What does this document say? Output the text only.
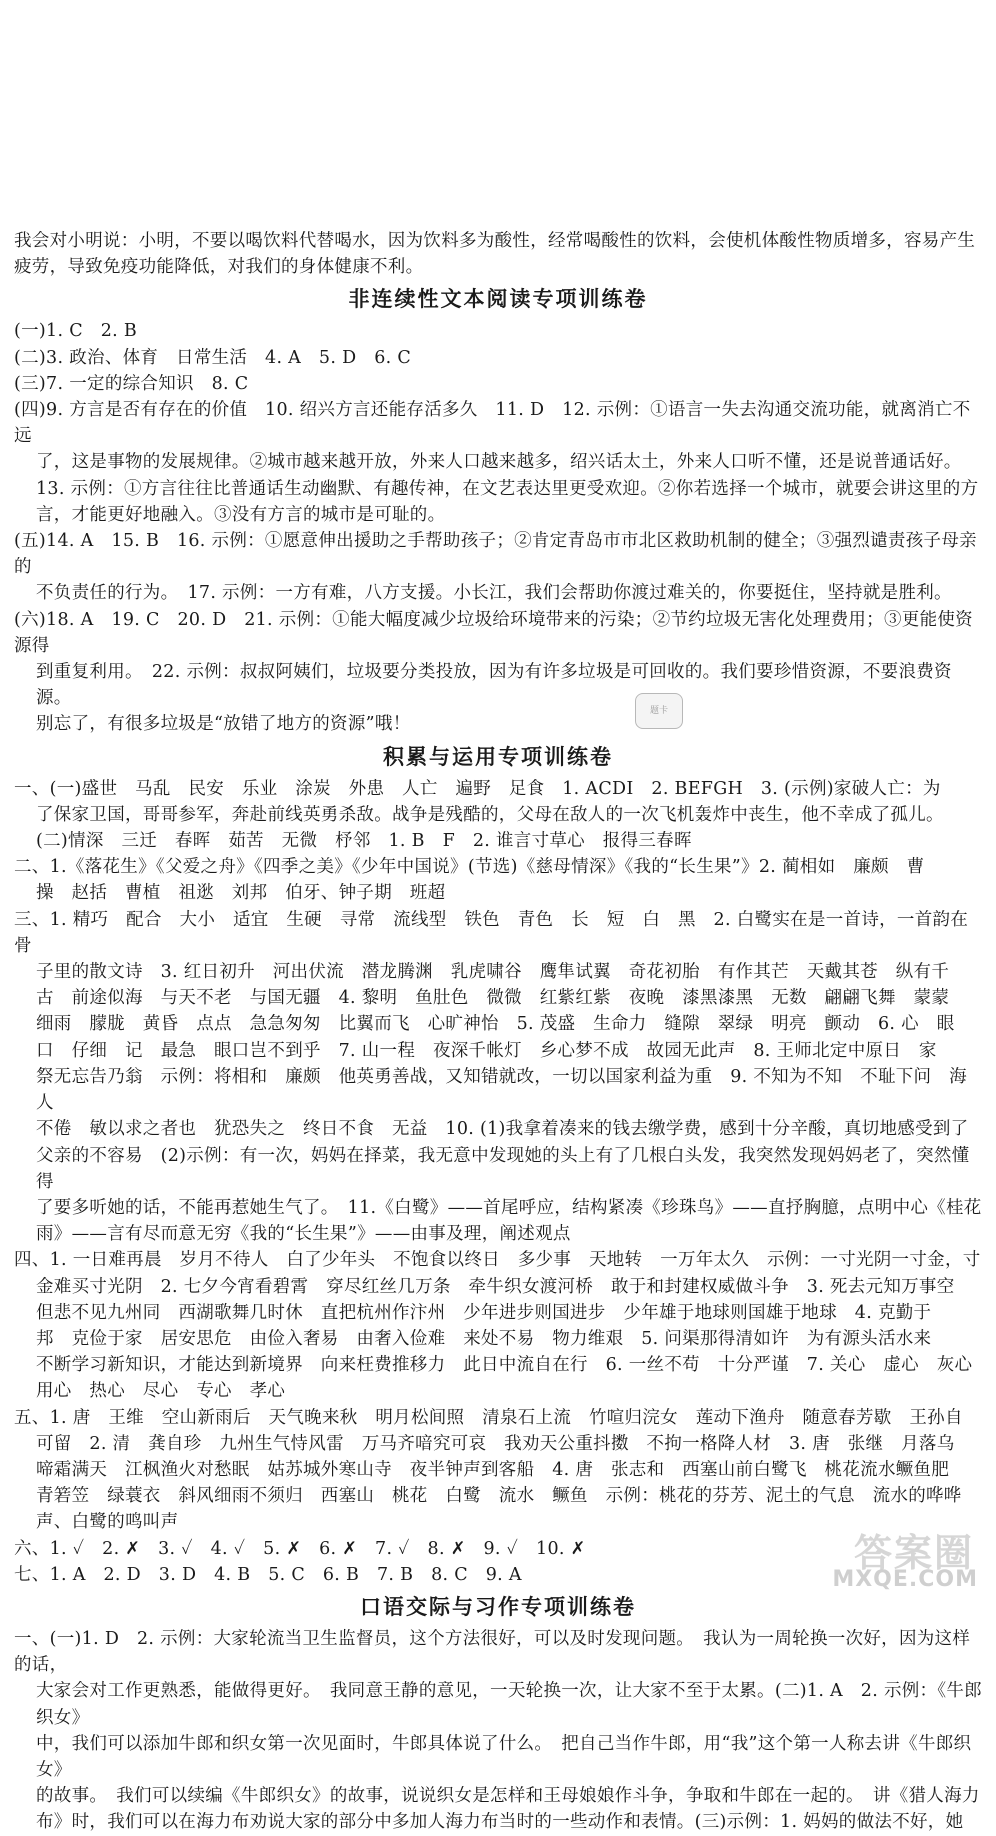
我会对小明说：小明，不要以喝饮料代替喝水，因为饮料多为酸性，经常喝酸性的饮料，会使机体酸性物质增多，容易产生

疲劳，导致免疫功能降低，对我们的身体健康不利。

非连续性文本阅读专项训练卷

(一)1. C　2. B

(二)3. 政治、体育　日常生活　4. A　5. D　6. C

(三)7. 一定的综合知识　8. C

(四)9. 方言是否有存在的价值　10. 绍兴方言还能存活多久　11. D　12. 示例：①语言一失去沟通交流功能，就离消亡不远

了，这是事物的发展规律。②城市越来越开放，外来人口越来越多，绍兴话太土，外来人口听不懂，还是说普通话好。

13. 示例：①方言往往比普通话生动幽默、有趣传神，在文艺表达里更受欢迎。②你若选择一个城市，就要会讲这里的方

言，才能更好地融入。③没有方言的城市是可耻的。

(五)14. A　15. B　16. 示例：①愿意伸出援助之手帮助孩子；②肯定青岛市市北区救助机制的健全；③强烈谴责孩子母亲的

不负责任的行为。　17. 示例：一方有难，八方支援。小长江，我们会帮助你渡过难关的，你要挺住，坚持就是胜利。

(六)18. A　19. C　20. D　21. 示例：①能大幅度减少垃圾给环境带来的污染；②节约垃圾无害化处理费用；③更能使资源得

到重复利用。　22. 示例：叔叔阿姨们，垃圾要分类投放，因为有许多垃圾是可回收的。我们要珍惜资源，不要浪费资源。

别忘了，有很多垃圾是“放错了地方的资源”哦！

积累与运用专项训练卷

一、(一)盛世　马乱　民安　乐业　涂炭　外患　人亡　遍野　足食　1. ACDI　2. BEFGH　3. (示例)家破人亡：为

了保家卫国，哥哥参军，奔赴前线英勇杀敌。战争是残酷的，父母在敌人的一次飞机轰炸中丧生，他不幸成了孤儿。

(二)情深　三迁　春晖　茹苦　无微　杼邻　1. B　F　2. 谁言寸草心　报得三春晖

二、1.《落花生》《父爱之舟》《四季之美》《少年中国说》(节选)《慈母情深》《我的“长生果”》2. 蔺相如　廉颇　曹

操　赵括　曹植　祖逖　刘邦　伯牙、钟子期　班超

三、1. 精巧　配合　大小　适宜　生硬　寻常　流线型　铁色　青色　长　短　白　黑　2. 白鹭实在是一首诗，一首韵在骨

子里的散文诗　3. 红日初升　河出伏流　潜龙腾渊　乳虎啸谷　鹰隼试翼　奇花初胎　有作其芒　天戴其苍　纵有千

古　前途似海　与天不老　与国无疆　4. 黎明　鱼肚色　微微　红紫红紫　夜晚　漆黑漆黑　无数　翩翩飞舞　蒙蒙

细雨　朦胧　黄昏　点点　急急匆匆　比翼而飞　心旷神怡　5. 茂盛　生命力　缝隙　翠绿　明亮　颤动　6. 心　眼

口　仔细　记　最急　眼口岂不到乎　7. 山一程　夜深千帐灯　乡心梦不成　故园无此声　8. 王师北定中原日　家

祭无忘告乃翁　示例：将相和　廉颇　他英勇善战，又知错就改，一切以国家利益为重　9. 不知为不知　不耻下问　海人

不倦　敏以求之者也　犹恐失之　终日不食　无益　10. (1)我拿着凑来的钱去缴学费，感到十分辛酸，真切地感受到了

父亲的不容易　(2)示例：有一次，妈妈在择菜，我无意中发现她的头上有了几根白头发，我突然发现妈妈老了，突然懂得

了要多听她的话，不能再惹她生气了。　11.《白鹭》——首尾呼应，结构紧凑《珍珠鸟》——直抒胸臆，点明中心《桂花

雨》——言有尽而意无穷《我的“长生果”》——由事及理，阐述观点

四、1. 一日难再晨　岁月不待人　白了少年头　不饱食以终日　多少事　天地转　一万年太久　示例：一寸光阴一寸金，寸

金难买寸光阴　2. 七夕今宵看碧霄　穿尽红丝几万条　牵牛织女渡河桥　敢于和封建权威做斗争　3. 死去元知万事空

但悲不见九州同　西湖歌舞几时休　直把杭州作汴州　少年进步则国进步　少年雄于地球则国雄于地球　4. 克勤于

邦　克俭于家　居安思危　由俭入奢易　由奢入俭难　来处不易　物力维艰　5. 问渠那得清如许　为有源头活水来

不断学习新知识，才能达到新境界　向来枉费推移力　此日中流自在行　6. 一丝不苟　十分严谨　7. 关心　虚心　灰心

用心　热心　尽心　专心　孝心

五、1. 唐　王维　空山新雨后　天气晚来秋　明月松间照　清泉石上流　竹喧归浣女　莲动下渔舟　随意春芳歇　王孙自

可留　2. 清　龚自珍　九州生气恃风雷　万马齐喑究可哀　我劝天公重抖擞　不拘一格降人材　3. 唐　张继　月落乌

啼霜满天　江枫渔火对愁眠　姑苏城外寒山寺　夜半钟声到客船　4. 唐　张志和　西塞山前白鹭飞　桃花流水鳜鱼肥

青箬笠　绿蓑衣　斜风细雨不须归　西塞山　桃花　白鹭　流水　鳜鱼　示例：桃花的芬芳、泥土的气息　流水的哗哗

声、白鹭的鸣叫声

六、1. ✓　2. ✗　3. ✓　4. ✓　5. ✗　6. ✗　7. ✓　8. ✗　9. ✓　10. ✗

七、1. A　2. D　3. D　4. B　5. C　6. B　7. B　8. C　9. A

口语交际与习作专项训练卷

一、(一)1. D　2. 示例：大家轮流当卫生监督员，这个方法很好，可以及时发现问题。　我认为一周轮换一次好，因为这样的话，

大家会对工作更熟悉，能做得更好。　我同意王静的意见，一天轮换一次，让大家不至于太累。(二)1. A　2. 示例：《牛郎织女》

中，我们可以添加牛郎和织女第一次见面时，牛郎具体说了什么。　把自己当作牛郎，用“我”这个第一人称去讲《牛郎织女》

的故事。　我们可以续编《牛郎织女》的故事，说说织女是怎样和王母娘娘作斗争，争取和牛郎在一起的。　讲《猎人海力

布》时，我们可以在海力布劝说大家的部分中多加人海力布当时的一些动作和表情。(三)示例：1. 妈妈的做法不好，她

题卡
答案圈
MXQE.COM
